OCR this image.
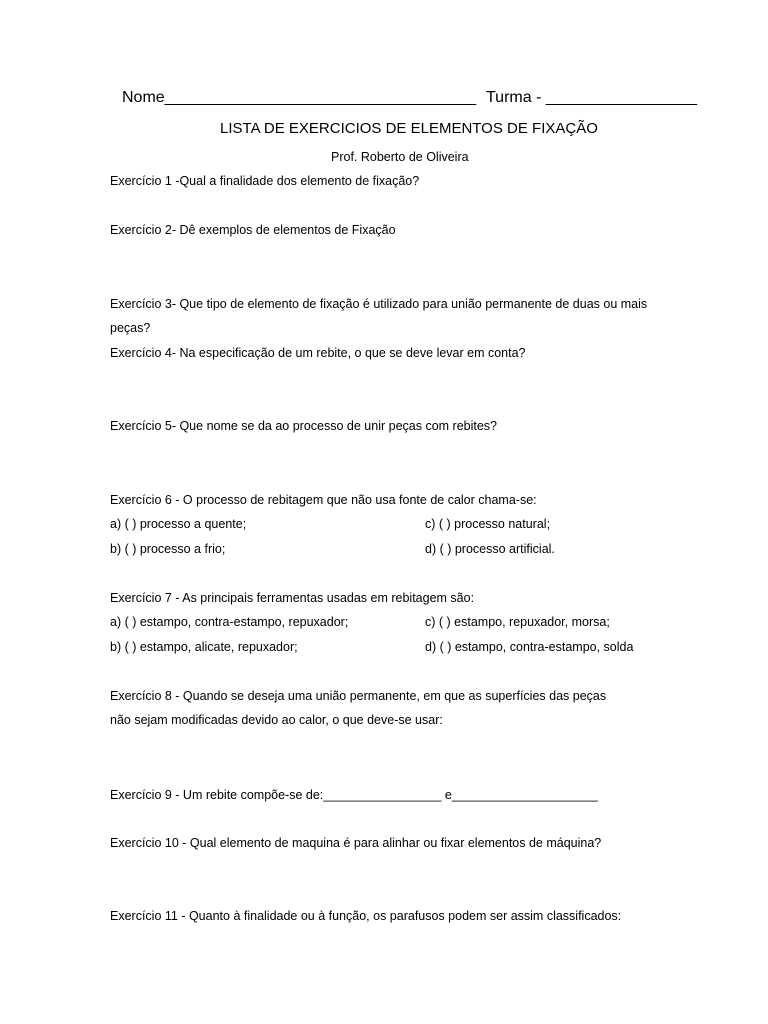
Nome___________________________________ Turma - _________________
LISTA DE EXERCICIOS DE ELEMENTOS DE FIXAÇÃO
Prof. Roberto de Oliveira
Exercício 1 -Qual a finalidade dos elemento de fixação?
Exercício 2- Dê exemplos de elementos de Fixação
Exercício 3- Que tipo de elemento de fixação é utilizado para união permanente de duas ou mais
peças?
Exercício 4- Na especificação de um rebite, o que se deve levar em conta?
Exercício 5- Que nome se da ao processo de unir peças com rebites?
Exercício 6 - O processo de rebitagem que não usa fonte de calor chama-se:
a) ( ) processo a quente;	c) ( ) processo natural;
b) ( ) processo a frio;	d) ( ) processo artificial.
Exercício 7 - As principais ferramentas usadas em rebitagem são:
a) ( ) estampo, contra-estampo, repuxador;	c) ( ) estampo, repuxador, morsa;
b) ( ) estampo, alicate, repuxador;	d) ( ) estampo, contra-estampo, solda
Exercício 8 - Quando se deseja uma união permanente, em que as superfícies das peças
não sejam modificadas devido ao calor, o que deve-se usar:
Exercício 9 - Um rebite compõe-se de:_________________ e_____________________
Exercício 10 - Qual elemento de maquina é para alinhar ou fixar elementos de máquina?
Exercício 11 - Quanto à finalidade ou à função, os parafusos podem ser assim classificados:
